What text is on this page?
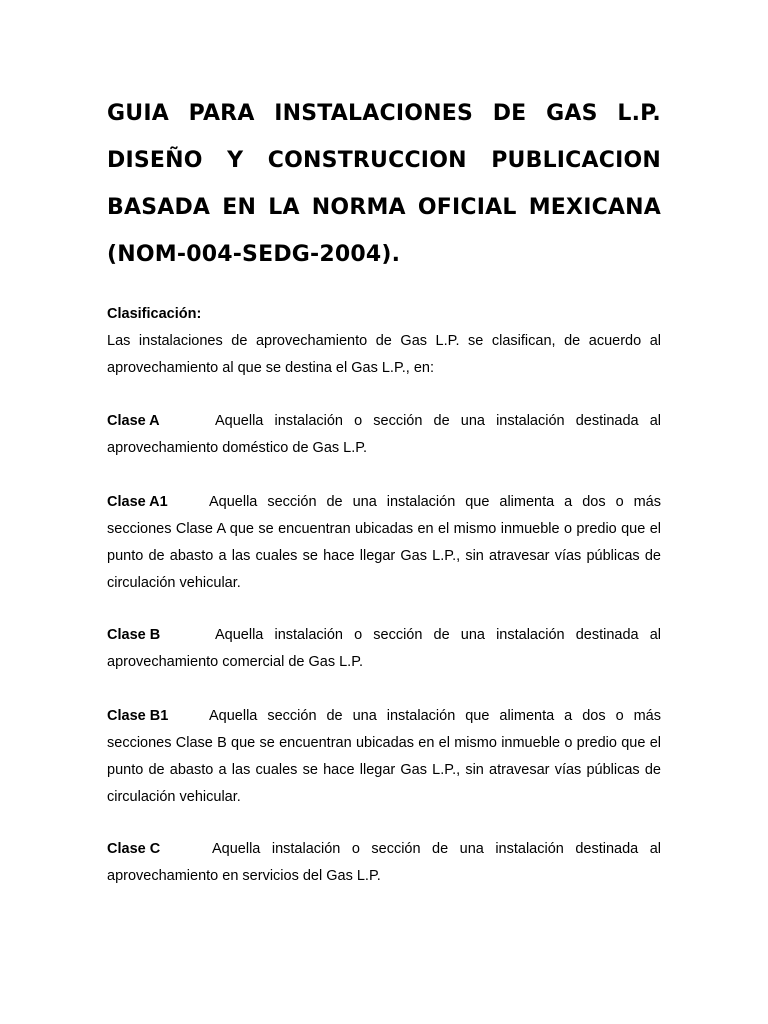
GUIA PARA INSTALACIONES DE GAS L.P.
DISEÑO Y CONSTRUCCION PUBLICACION
BASADA EN LA NORMA OFICIAL MEXICANA
(NOM-004-SEDG-2004).
Clasificación:

Las instalaciones de aprovechamiento de Gas L.P. se clasifican, de acuerdo al aprovechamiento al que se destina el Gas L.P., en:

Clase A	Aquella instalación o sección de una instalación destinada al aprovechamiento doméstico de Gas L.P.

Clase A1	Aquella sección de una instalación que alimenta a dos o más secciones Clase A que se encuentran ubicadas en el mismo inmueble o predio que el punto de abasto a las cuales se hace llegar Gas L.P., sin atravesar vías públicas de circulación vehicular.

Clase B	Aquella instalación o sección de una instalación destinada al aprovechamiento comercial de Gas L.P.

Clase B1	Aquella sección de una instalación que alimenta a dos o más secciones Clase B que se encuentran ubicadas en el mismo inmueble o predio que el punto de abasto a las cuales se hace llegar Gas L.P., sin atravesar vías públicas de circulación vehicular.

Clase C	Aquella instalación o sección de una instalación destinada al aprovechamiento en servicios del Gas L.P.
